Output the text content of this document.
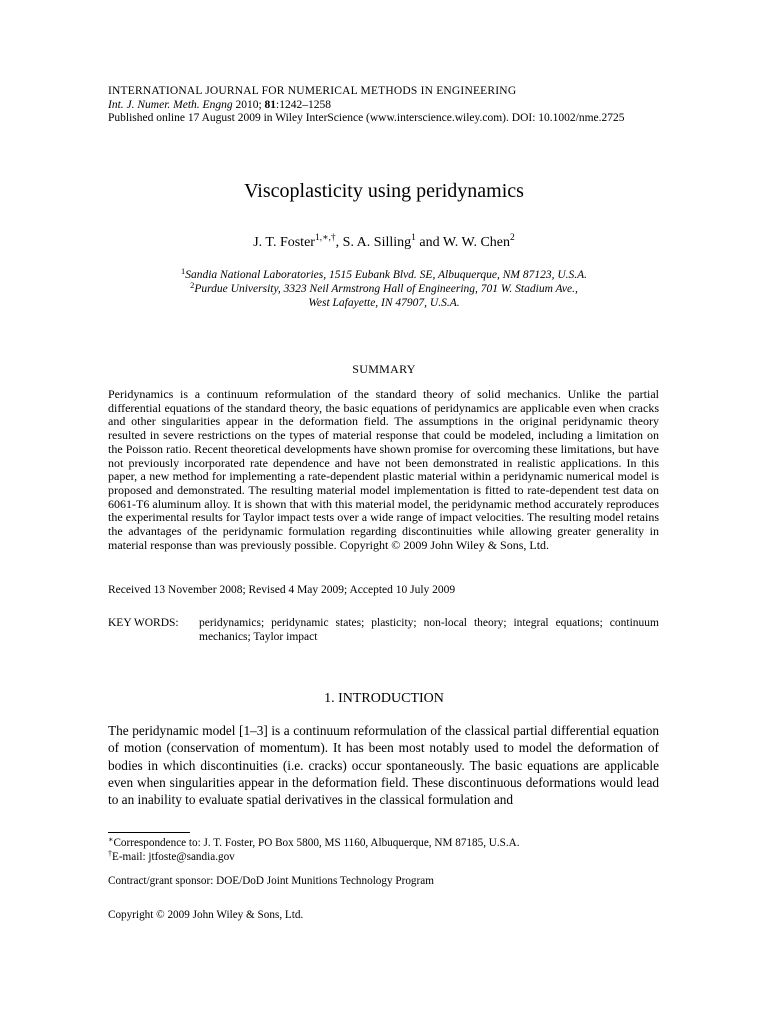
INTERNATIONAL JOURNAL FOR NUMERICAL METHODS IN ENGINEERING
Int. J. Numer. Meth. Engng 2010; 81:1242–1258
Published online 17 August 2009 in Wiley InterScience (www.interscience.wiley.com). DOI: 10.1002/nme.2725
Viscoplasticity using peridynamics
J. T. Foster$^{1,∗,\dagger}$, S. A. Silling$^1$ and W. W. Chen$^2$
$^1$Sandia National Laboratories, 1515 Eubank Blvd. SE, Albuquerque, NM 87123, U.S.A.
$^2$Purdue University, 3323 Neil Armstrong Hall of Engineering, 701 W. Stadium Ave.,
West Lafayette, IN 47907, U.S.A.
SUMMARY
Peridynamics is a continuum reformulation of the standard theory of solid mechanics. Unlike the partial differential equations of the standard theory, the basic equations of peridynamics are applicable even when cracks and other singularities appear in the deformation field. The assumptions in the original peridynamic theory resulted in severe restrictions on the types of material response that could be modeled, including a limitation on the Poisson ratio. Recent theoretical developments have shown promise for overcoming these limitations, but have not previously incorporated rate dependence and have not been demonstrated in realistic applications. In this paper, a new method for implementing a rate-dependent plastic material within a peridynamic numerical model is proposed and demonstrated. The resulting material model implementation is fitted to rate-dependent test data on 6061-T6 aluminum alloy. It is shown that with this material model, the peridynamic method accurately reproduces the experimental results for Taylor impact tests over a wide range of impact velocities. The resulting model retains the advantages of the peridynamic formulation regarding discontinuities while allowing greater generality in material response than was previously possible. Copyright © 2009 John Wiley & Sons, Ltd.
Received 13 November 2008; Revised 4 May 2009; Accepted 10 July 2009
KEY WORDS: peridynamics; peridynamic states; plasticity; non-local theory; integral equations; continuum mechanics; Taylor impact
1. INTRODUCTION
The peridynamic model [1–3] is a continuum reformulation of the classical partial differential equation of motion (conservation of momentum). It has been most notably used to model the deformation of bodies in which discontinuities (i.e. cracks) occur spontaneously. The basic equations are applicable even when singularities appear in the deformation field. These discontinuous deformations would lead to an inability to evaluate spatial derivatives in the classical formulation and
∗Correspondence to: J. T. Foster, PO Box 5800, MS 1160, Albuquerque, NM 87185, U.S.A.
†E-mail: jtfoste@sandia.gov
Contract/grant sponsor: DOE/DoD Joint Munitions Technology Program
Copyright © 2009 John Wiley & Sons, Ltd.
